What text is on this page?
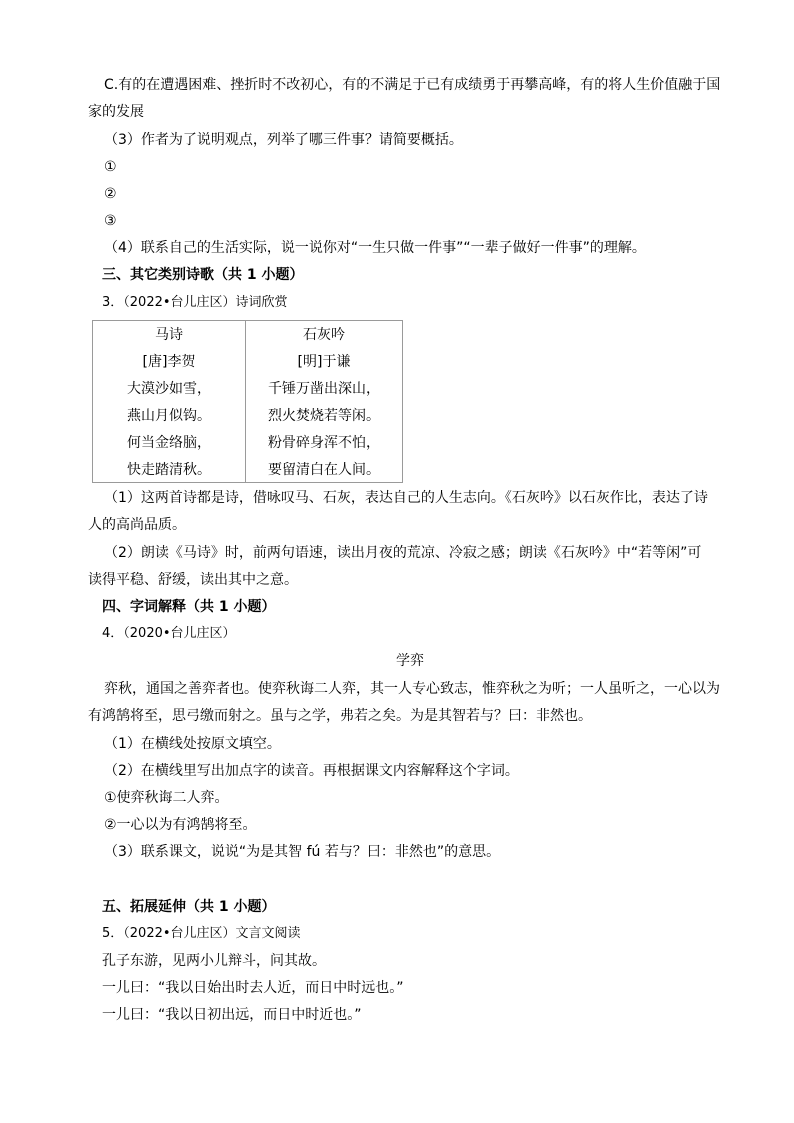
C.有的在遭遇困难、挫折时不改初心，有的不满足于已有成绩勇于再攀高峰，有的将人生价值融于国
家的发展
（3）作者为了说明观点，列举了哪三件事？请简要概括。
①
②
③
（4）联系自己的生活实际，说一说你对“一生只做一件事”“一辈子做好一件事”的理解。
三、其它类别诗歌（共 1 小题）
3．（2022•台儿庄区）诗词欣赏
马诗
[唐]李贺
大漠沙如雪，
燕山月似钩。
何当金络脑，
快走踏清秋。
石灰吟
[明]于谦
千锤万凿出深山，
烈火焚烧若等闲。
粉骨碎身浑不怕，
要留清白在人间。
（1）这两首诗都是诗，借咏叹马、石灰，表达自己的人生志向。《石灰吟》以石灰作比，表达了诗
人的高尚品质。
（2）朗读《马诗》时，前两句语速，读出月夜的荒凉、冷寂之感；朗读《石灰吟》中“若等闲”可
读得平稳、舒缓，读出其中之意。
四、字词解释（共 1 小题）
4．（2020•台儿庄区）
学弈
弈秋，通国之善弈者也。使弈秋诲二人弈，其一人专心致志，惟弈秋之为听；一人虽听之，一心以为
有鸿鹄将至，思弓缴而射之。虽与之学，弗若之矣。为是其智若与？曰：非然也。
（1）在横线处按原文填空。
（2）在横线里写出加点字的读音。再根据课文内容解释这个字词。
①使弈秋诲二人弈。
②一心以为有鸿鹄将至。
（3）联系课文，说说“为是其智 fú 若与？曰：非然也”的意思。
五、拓展延伸（共 1 小题）
5．（2022•台儿庄区）文言文阅读
孔子东游，见两小儿辩斗，问其故。
一儿曰：“我以日始出时去人近，而日中时远也。”
一儿曰：“我以日初出远，而日中时近也。”
